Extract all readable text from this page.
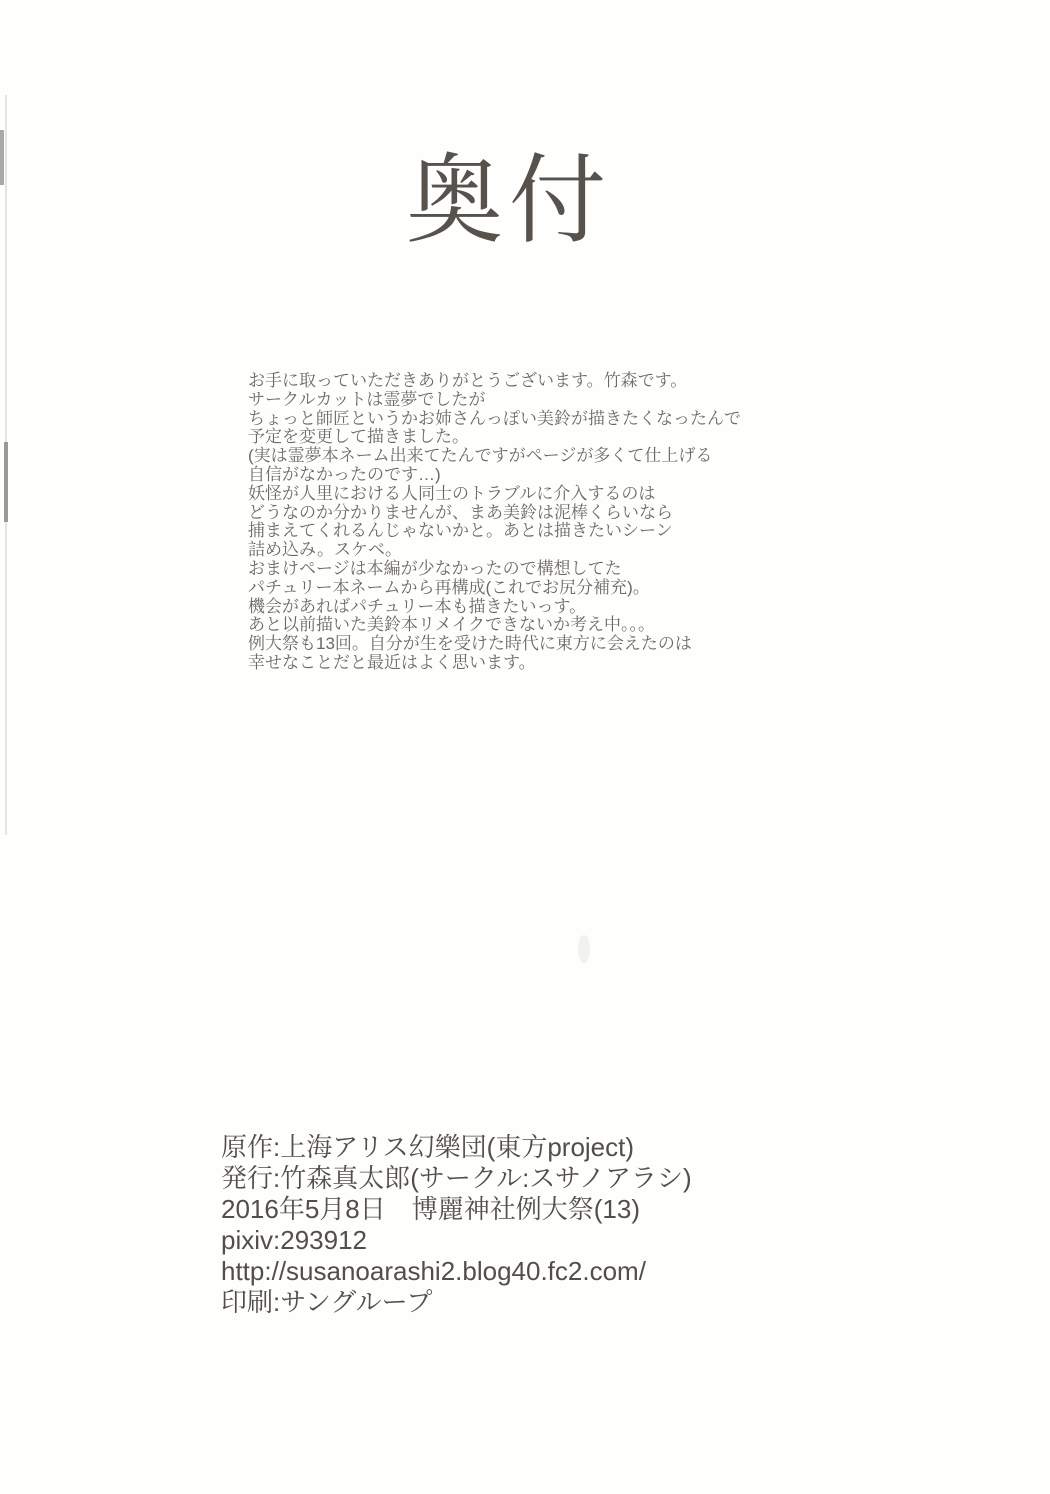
奥付
お手に取っていただきありがとうございます。竹森です。
サークルカットは霊夢でしたが
ちょっと師匠というかお姉さんっぽい美鈴が描きたくなったんで
予定を変更して描きました。
(実は霊夢本ネーム出来てたんですがページが多くて仕上げる
自信がなかったのです…)
妖怪が人里における人同士のトラブルに介入するのは
どうなのか分かりませんが、まあ美鈴は泥棒くらいなら
捕まえてくれるんじゃないかと。あとは描きたいシーン
詰め込み。スケベ。
おまけページは本編が少なかったので構想してた
パチュリー本ネームから再構成(これでお尻分補充)。
機会があればパチュリー本も描きたいっす。
あと以前描いた美鈴本リメイクできないか考え中。。。
例大祭も13回。自分が生を受けた時代に東方に会えたのは
幸せなことだと最近はよく思います。
原作:上海アリス幻樂団(東方project)
発行:竹森真太郎(サークル:スサノアラシ)
2016年5月8日　博麗神社例大祭(13)
pixiv:293912
http://susanoarashi2.blog40.fc2.com/
印刷:サングループ
